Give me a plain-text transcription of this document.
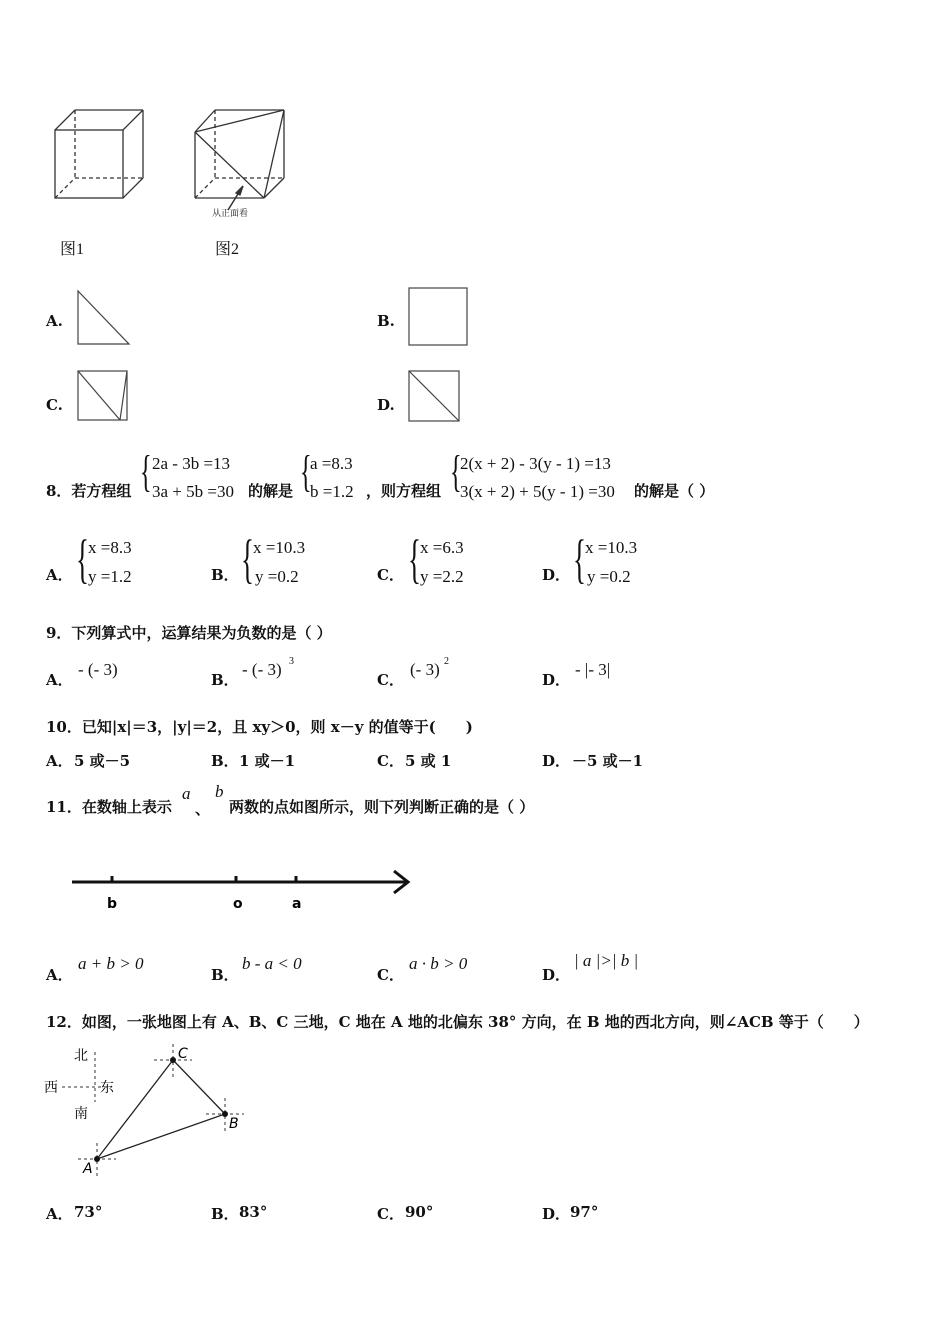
从正面看
图1	图2
A.	B.
C.	D.
8．若方程组 { 2a - 3b =13
3a + 5b =30 的解是 {
a =8.3
b =1.2 ，则方程组 {
2(x + 2) - 3(y - 1) =13
3(x + 2) + 5(y - 1) =30 的解是（ ）
A． { x =8.3
y =1.2	B． { x =10.3
y =0.2	C． { x =6.3
y =2.2	D． { x =10.3
y =0.2
9．下列算式中，运算结果为负数的是（ ）
A．
- (- 3)
B．
- (- 3) 3
C．
(- 3) 2
D．
- |- 3|
10．已知|x|＝3，|y|＝2，且 xy＞0，则 x－y 的值等于(　　)
A． 5 或－5	B． 1 或－1	C． 5 或 1	D． －5 或－1
11．在数轴上表示
a
、
b
两数的点如图所示，则下列判断正确的是（ ）
b	o	a
A．
a + b > 0
B．
b - a < 0
C．
a · b > 0
D．
| a |>| b |
12．如图，一张地图上有 A、B、C 三地，C 地在 A 地的北偏东 38° 方向，在 B 地的西北方向，则∠ACB 等于（　　）
北
西	东
南
A
C
B
A． 73°	B． 83°	C． 90°	D． 97°
